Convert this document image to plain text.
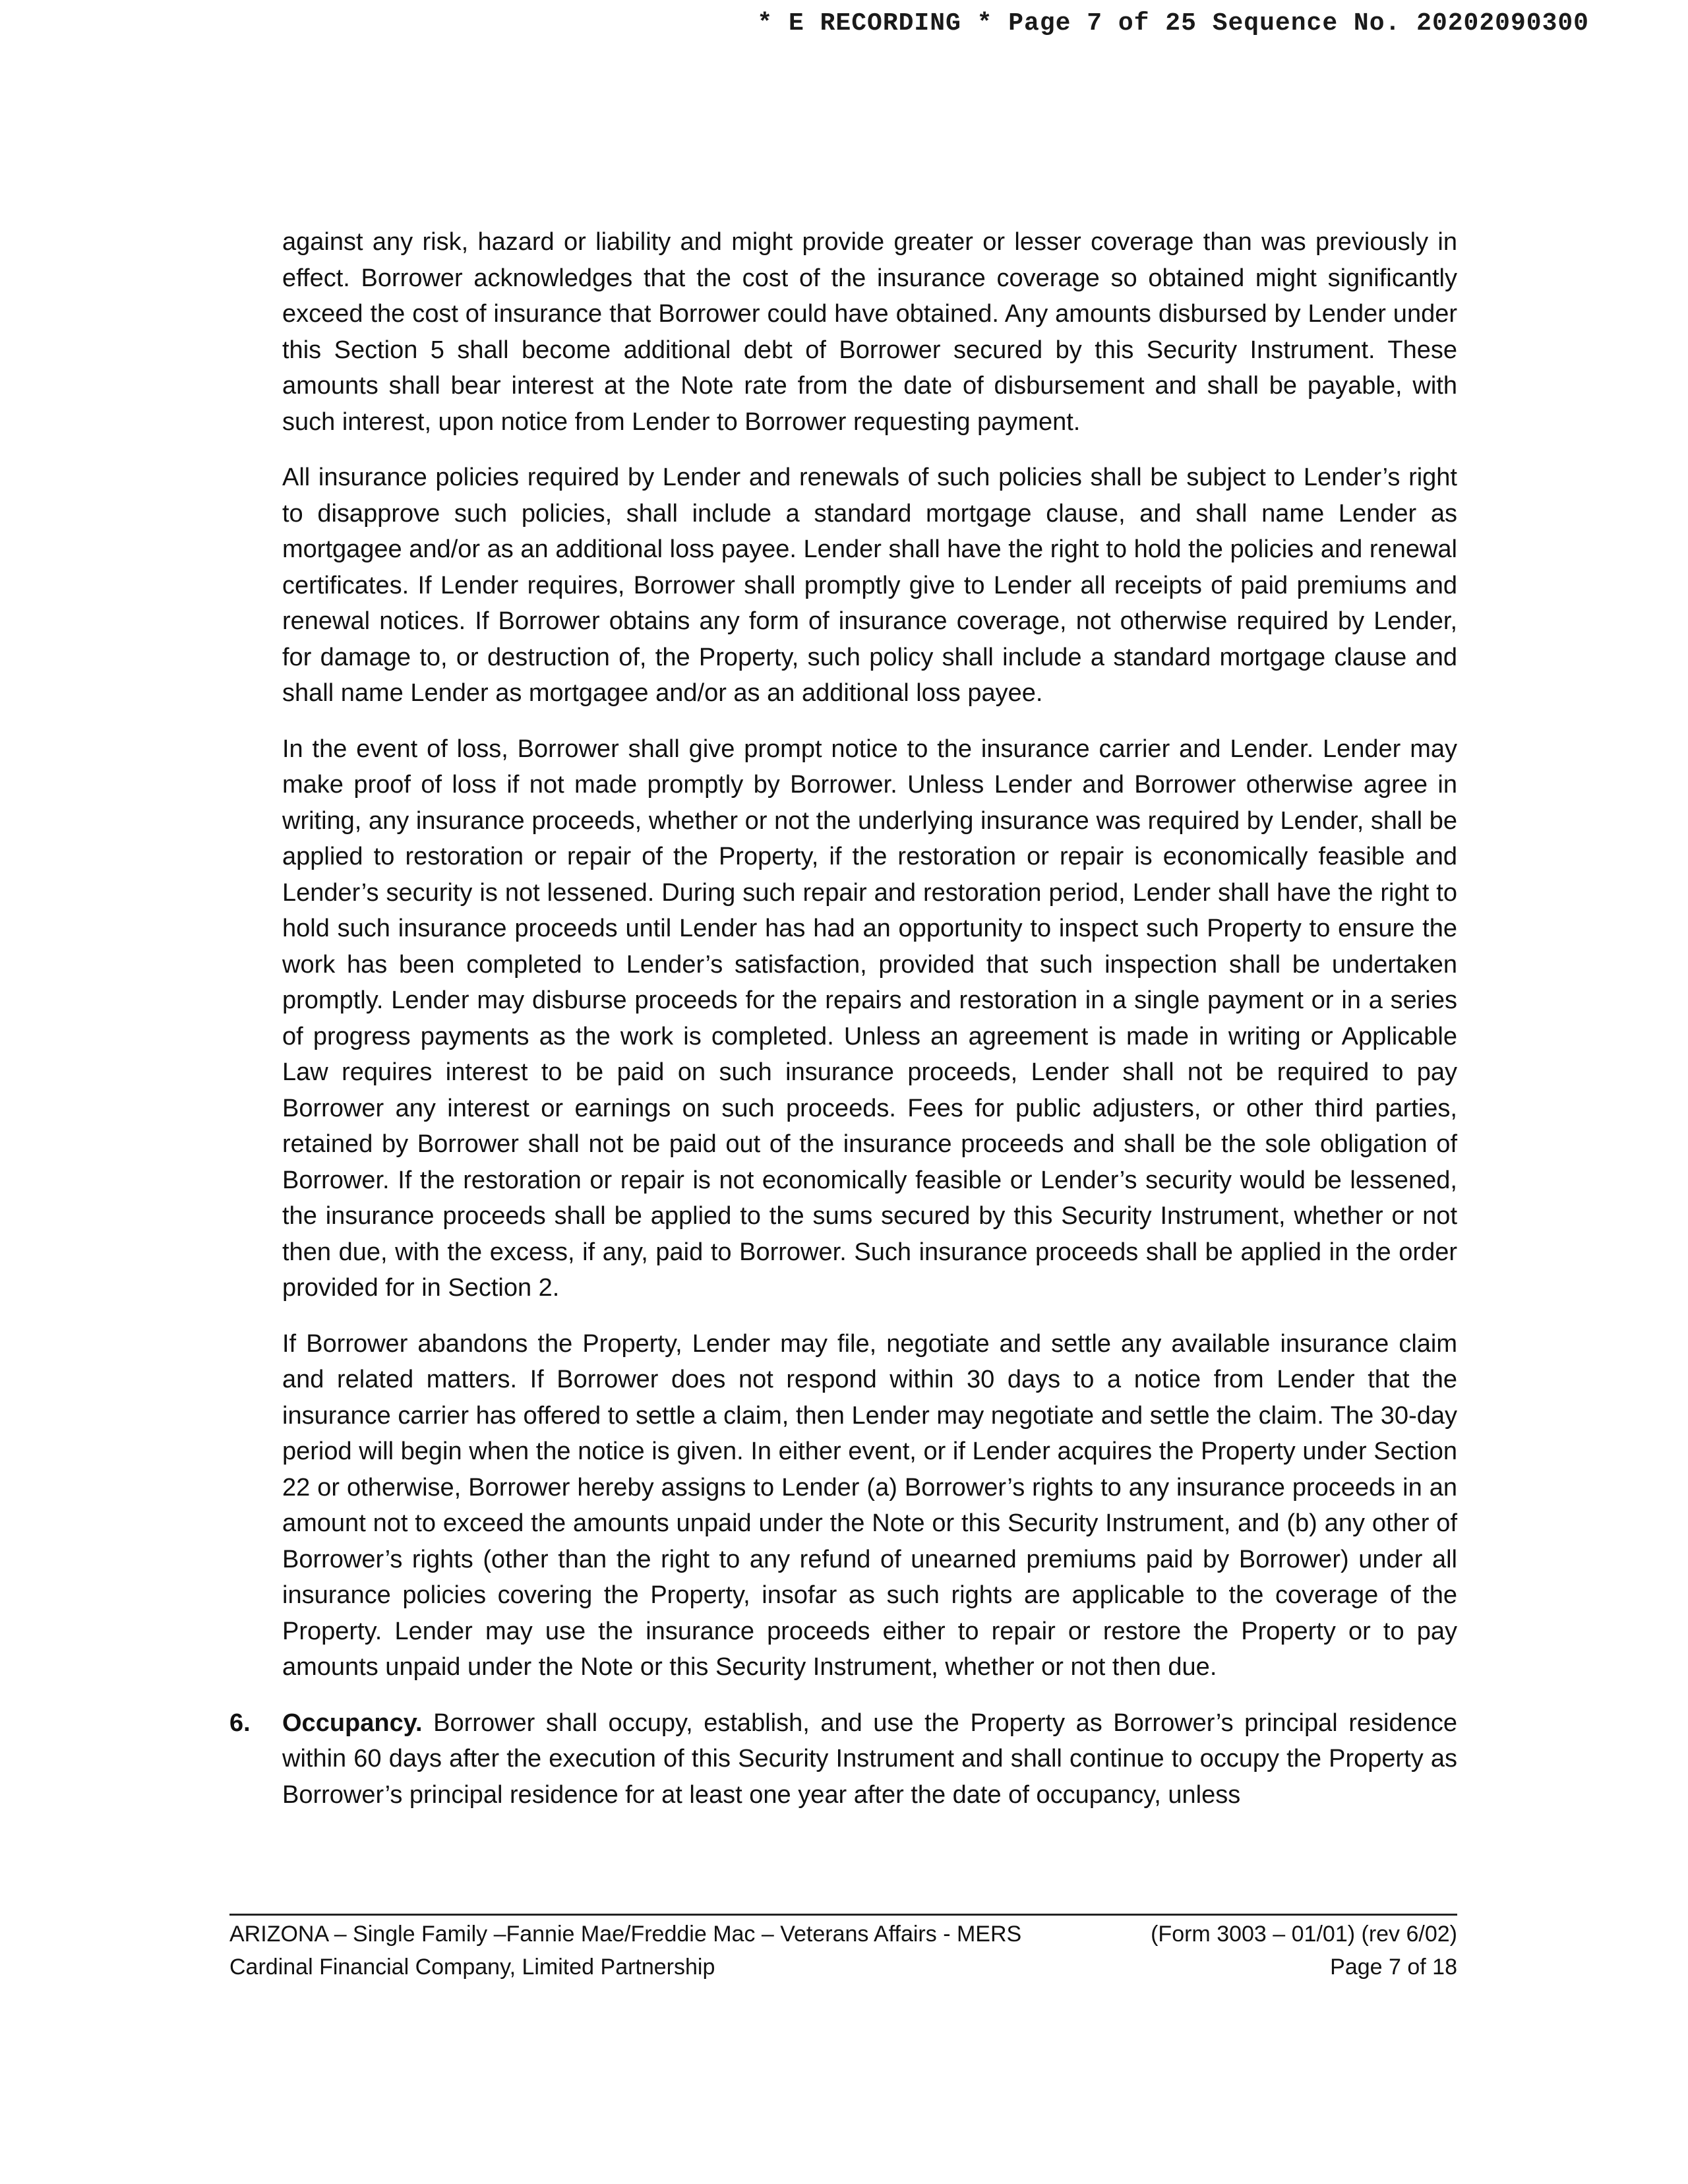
* E RECORDING * Page 7 of 25 Sequence No. 20202090300

against any risk, hazard or liability and might provide greater or lesser coverage than was previously in effect. Borrower acknowledges that the cost of the insurance coverage so obtained might significantly exceed the cost of insurance that Borrower could have obtained. Any amounts disbursed by Lender under this Section 5 shall become additional debt of Borrower secured by this Security Instrument. These amounts shall bear interest at the Note rate from the date of disbursement and shall be payable, with such interest, upon notice from Lender to Borrower requesting payment.

All insurance policies required by Lender and renewals of such policies shall be subject to Lender’s right to disapprove such policies, shall include a standard mortgage clause, and shall name Lender as mortgagee and/or as an additional loss payee. Lender shall have the right to hold the policies and renewal certificates. If Lender requires, Borrower shall promptly give to Lender all receipts of paid premiums and renewal notices. If Borrower obtains any form of insurance coverage, not otherwise required by Lender, for damage to, or destruction of, the Property, such policy shall include a standard mortgage clause and shall name Lender as mortgagee and/or as an additional loss payee.

In the event of loss, Borrower shall give prompt notice to the insurance carrier and Lender. Lender may make proof of loss if not made promptly by Borrower. Unless Lender and Borrower otherwise agree in writing, any insurance proceeds, whether or not the underlying insurance was required by Lender, shall be applied to restoration or repair of the Property, if the restoration or repair is economically feasible and Lender’s security is not lessened. During such repair and restoration period, Lender shall have the right to hold such insurance proceeds until Lender has had an opportunity to inspect such Property to ensure the work has been completed to Lender’s satisfaction, provided that such inspection shall be undertaken promptly. Lender may disburse proceeds for the repairs and restoration in a single payment or in a series of progress payments as the work is completed. Unless an agreement is made in writing or Applicable Law requires interest to be paid on such insurance proceeds, Lender shall not be required to pay Borrower any interest or earnings on such proceeds. Fees for public adjusters, or other third parties, retained by Borrower shall not be paid out of the insurance proceeds and shall be the sole obligation of Borrower. If the restoration or repair is not economically feasible or Lender’s security would be lessened, the insurance proceeds shall be applied to the sums secured by this Security Instrument, whether or not then due, with the excess, if any, paid to Borrower. Such insurance proceeds shall be applied in the order provided for in Section 2.

If Borrower abandons the Property, Lender may file, negotiate and settle any available insurance claim and related matters. If Borrower does not respond within 30 days to a notice from Lender that the insurance carrier has offered to settle a claim, then Lender may negotiate and settle the claim. The 30-day period will begin when the notice is given. In either event, or if Lender acquires the Property under Section 22 or otherwise, Borrower hereby assigns to Lender (a) Borrower’s rights to any insurance proceeds in an amount not to exceed the amounts unpaid under the Note or this Security Instrument, and (b) any other of Borrower’s rights (other than the right to any refund of unearned premiums paid by Borrower) under all insurance policies covering the Property, insofar as such rights are applicable to the coverage of the Property. Lender may use the insurance proceeds either to repair or restore the Property or to pay amounts unpaid under the Note or this Security Instrument, whether or not then due.

6. Occupancy. Borrower shall occupy, establish, and use the Property as Borrower’s principal residence within 60 days after the execution of this Security Instrument and shall continue to occupy the Property as Borrower’s principal residence for at least one year after the date of occupancy, unless

ARIZONA – Single Family –Fannie Mae/Freddie Mac – Veterans Affairs - MERS
Cardinal Financial Company, Limited Partnership
(Form 3003 – 01/01) (rev 6/02)
Page 7 of 18
